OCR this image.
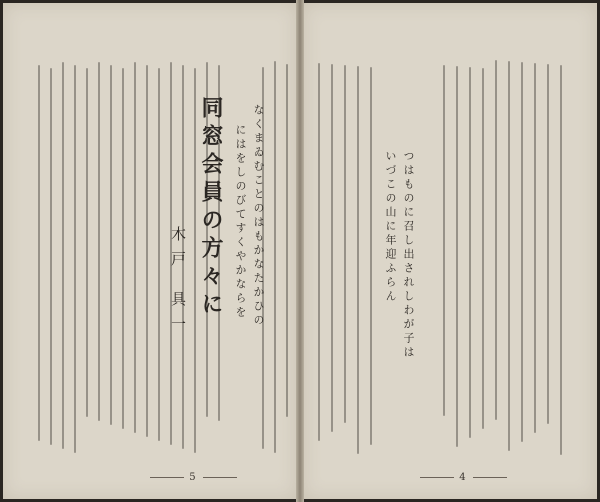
同窓会員の方々に
木戸 具一	つはものに召し出されしわが子は
いづこの山に年迎ふらん
なくまゐむことのはもかなたかひの
にはをしのびてすくやかならを
5	4
